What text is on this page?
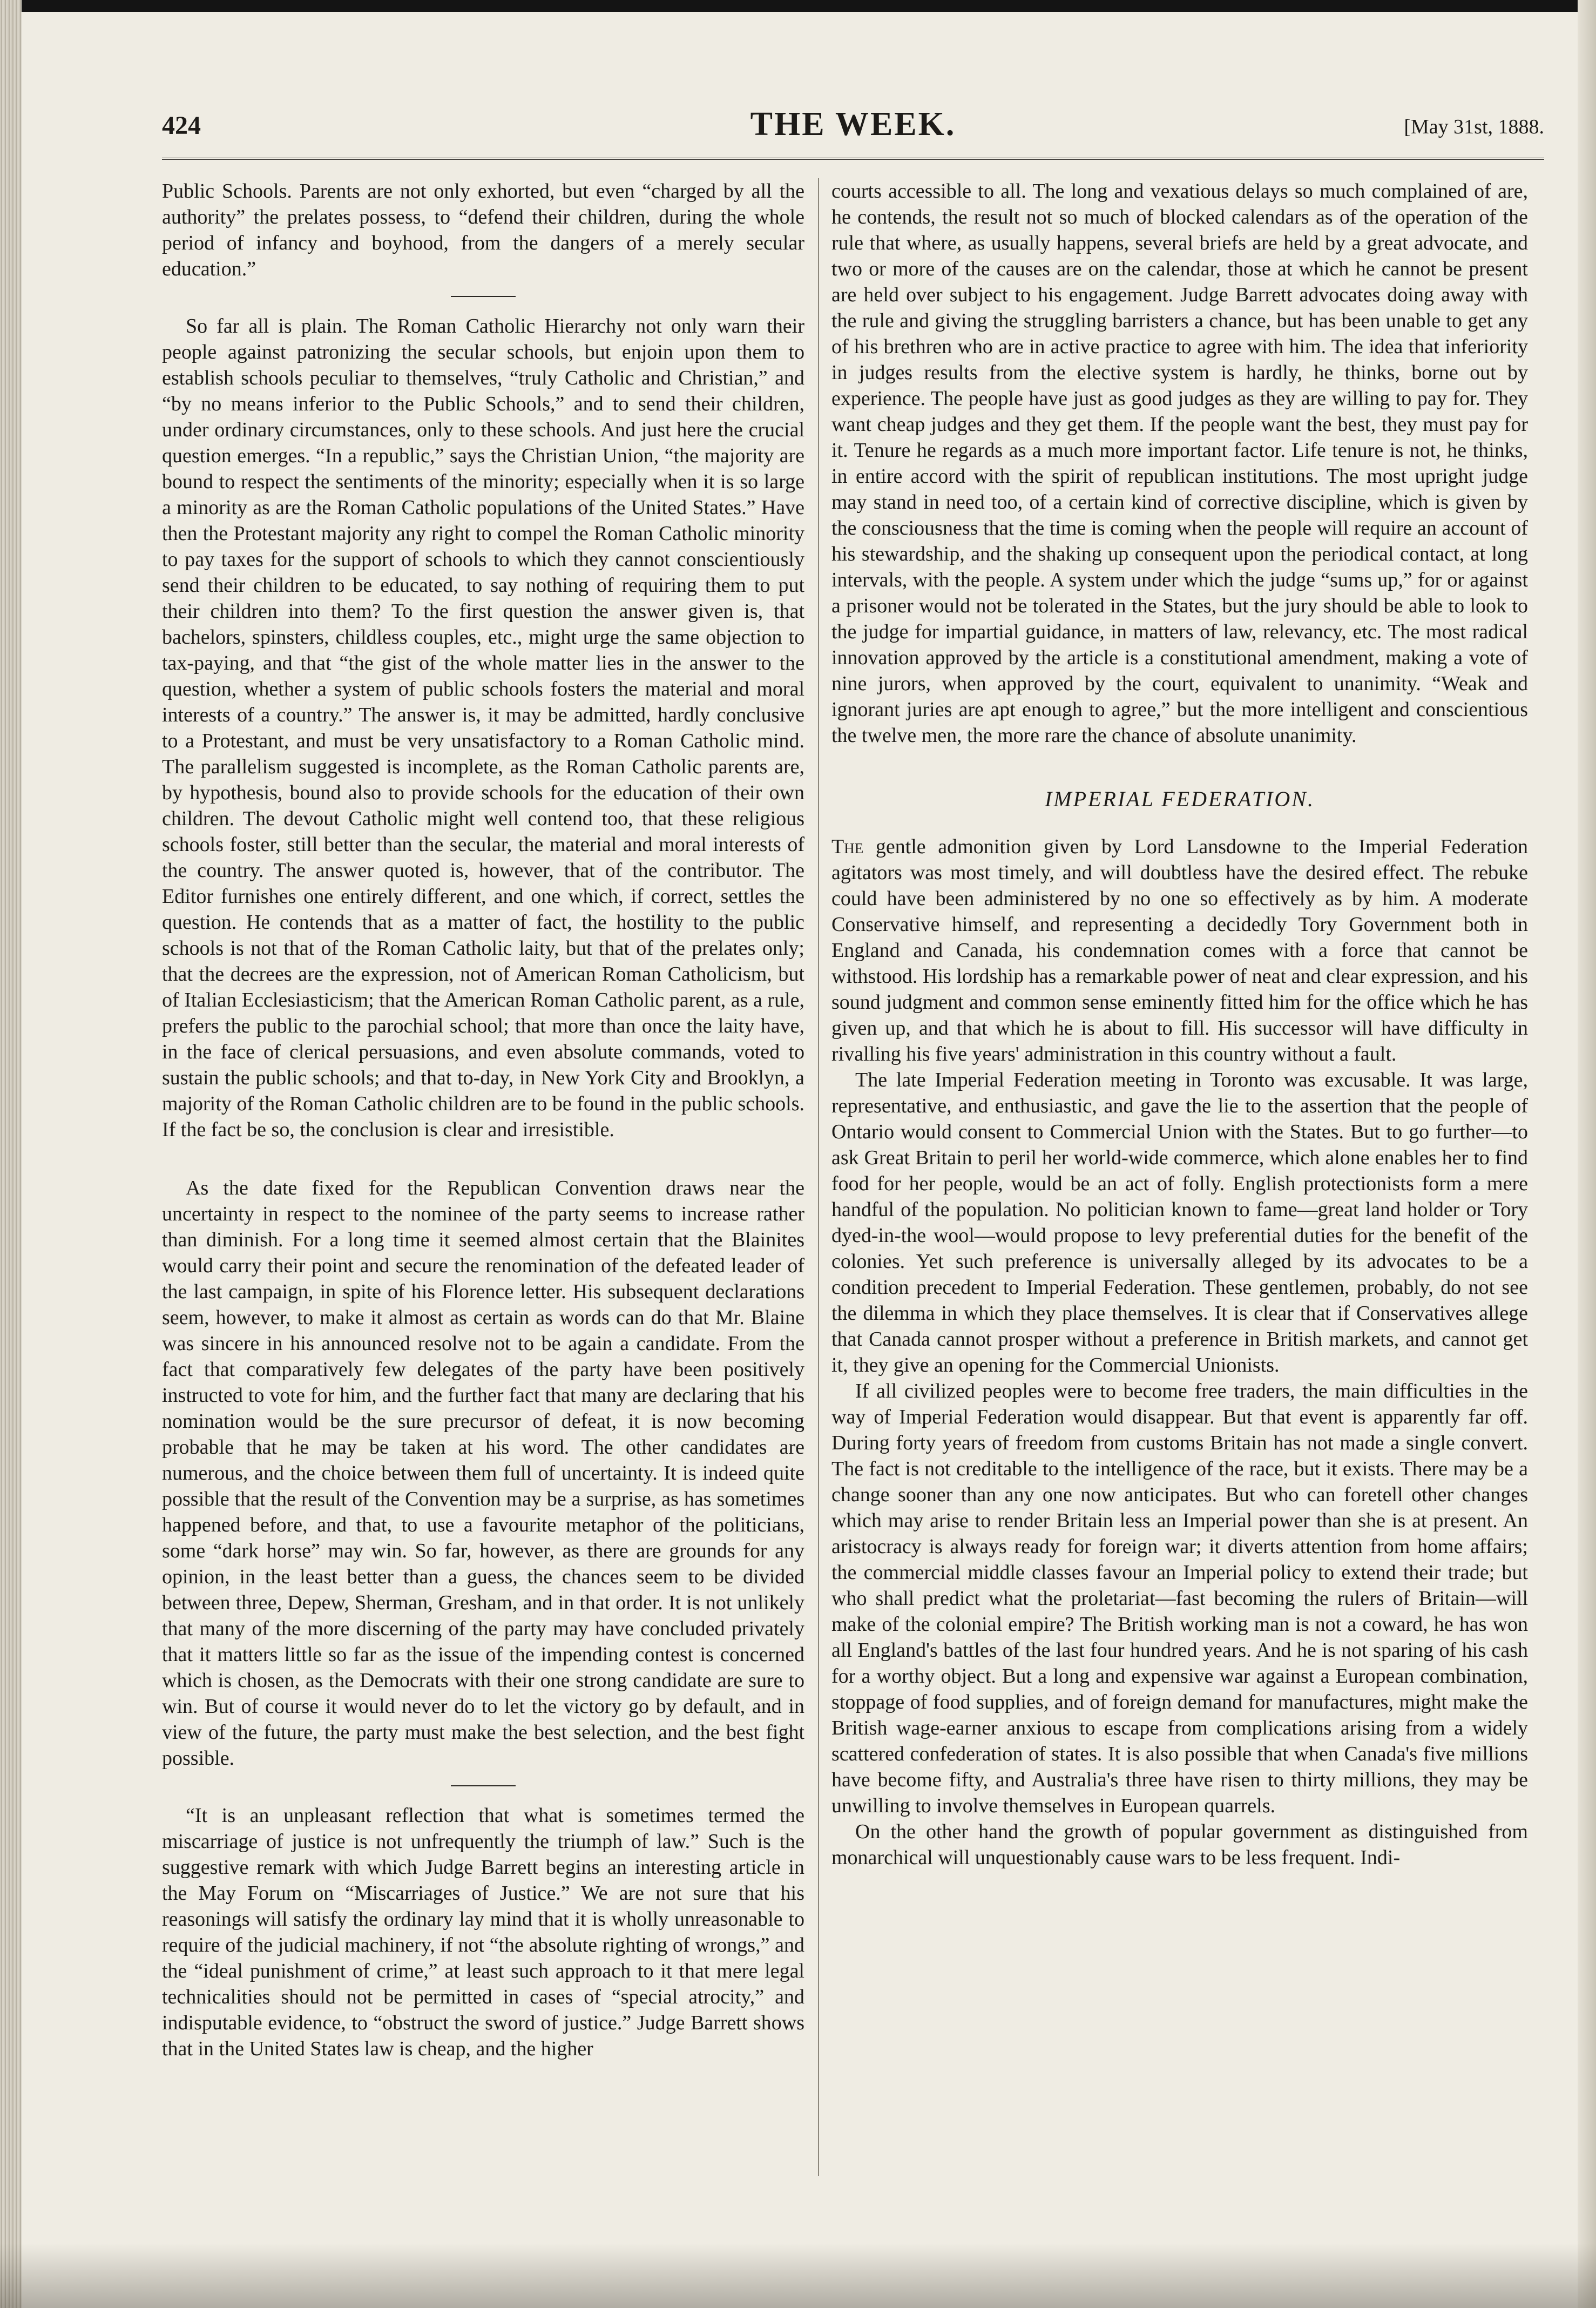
424	THE WEEK.	[May 31st, 1888.

Public Schools. Parents are not only exhorted, but even “charged by all the authority” the prelates possess, to “defend their children, during the whole period of infancy and boyhood, from the dangers of a merely secular education.”

So far all is plain. The Roman Catholic Hierarchy not only warn their people against patronizing the secular schools, but enjoin upon them to establish schools peculiar to themselves, “truly Catholic and Christian,” and “by no means inferior to the Public Schools,” and to send their children, under ordinary circumstances, only to these schools. And just here the crucial question emerges. “In a republic,” says the Christian Union, “the majority are bound to respect the sentiments of the minority; especially when it is so large a minority as are the Roman Catholic populations of the United States.” Have then the Protestant majority any right to compel the Roman Catholic minority to pay taxes for the support of schools to which they cannot conscientiously send their children to be educated, to say nothing of requiring them to put their children into them? To the first question the answer given is, that bachelors, spinsters, childless couples, etc., might urge the same objection to tax-paying, and that “the gist of the whole matter lies in the answer to the question, whether a system of public schools fosters the material and moral interests of a country.” The answer is, it may be admitted, hardly conclusive to a Protestant, and must be very unsatisfactory to a Roman Catholic mind. The parallelism suggested is incomplete, as the Roman Catholic parents are, by hypothesis, bound also to provide schools for the education of their own children. The devout Catholic might well contend too, that these religious schools foster, still better than the secular, the material and moral interests of the country. The answer quoted is, however, that of the contributor. The Editor furnishes one entirely different, and one which, if correct, settles the question. He contends that as a matter of fact, the hostility to the public schools is not that of the Roman Catholic laity, but that of the prelates only; that the decrees are the expression, not of American Roman Catholicism, but of Italian Ecclesiasticism; that the American Roman Catholic parent, as a rule, prefers the public to the parochial school; that more than once the laity have, in the face of clerical persuasions, and even absolute commands, voted to sustain the public schools; and that to-day, in New York City and Brooklyn, a majority of the Roman Catholic children are to be found in the public schools. If the fact be so, the conclusion is clear and irresistible.

As the date fixed for the Republican Convention draws near the uncertainty in respect to the nominee of the party seems to increase rather than diminish. For a long time it seemed almost certain that the Blainites would carry their point and secure the renomination of the defeated leader of the last campaign, in spite of his Florence letter. His subsequent declarations seem, however, to make it almost as certain as words can do that Mr. Blaine was sincere in his announced resolve not to be again a candidate. From the fact that comparatively few delegates of the party have been positively instructed to vote for him, and the further fact that many are declaring that his nomination would be the sure precursor of defeat, it is now becoming probable that he may be taken at his word. The other candidates are numerous, and the choice between them full of uncertainty. It is indeed quite possible that the result of the Convention may be a surprise, as has sometimes happened before, and that, to use a favourite metaphor of the politicians, some “dark horse” may win. So far, however, as there are grounds for any opinion, in the least better than a guess, the chances seem to be divided between three, Depew, Sherman, Gresham, and in that order. It is not unlikely that many of the more discerning of the party may have concluded privately that it matters little so far as the issue of the impending contest is concerned which is chosen, as the Democrats with their one strong candidate are sure to win. But of course it would never do to let the victory go by default, and in view of the future, the party must make the best selection, and the best fight possible.

“It is an unpleasant reflection that what is sometimes termed the miscarriage of justice is not unfrequently the triumph of law.” Such is the suggestive remark with which Judge Barrett begins an interesting article in the May Forum on “Miscarriages of Justice.” We are not sure that his reasonings will satisfy the ordinary lay mind that it is wholly unreasonable to require of the judicial machinery, if not “the absolute righting of wrongs,” and the “ideal punishment of crime,” at least such approach to it that mere legal technicalities should not be permitted in cases of “special atrocity,” and indisputable evidence, to “obstruct the sword of justice.” Judge Barrett shows that in the United States law is cheap, and the higher

courts accessible to all. The long and vexatious delays so much complained of are, he contends, the result not so much of blocked calendars as of the operation of the rule that where, as usually happens, several briefs are held by a great advocate, and two or more of the causes are on the calendar, those at which he cannot be present are held over subject to his engagement. Judge Barrett advocates doing away with the rule and giving the struggling barristers a chance, but has been unable to get any of his brethren who are in active practice to agree with him. The idea that inferiority in judges results from the elective system is hardly, he thinks, borne out by experience. The people have just as good judges as they are willing to pay for. They want cheap judges and they get them. If the people want the best, they must pay for it. Tenure he regards as a much more important factor. Life tenure is not, he thinks, in entire accord with the spirit of republican institutions. The most upright judge may stand in need too, of a certain kind of corrective discipline, which is given by the consciousness that the time is coming when the people will require an account of his stewardship, and the shaking up consequent upon the periodical contact, at long intervals, with the people. A system under which the judge “sums up,” for or against a prisoner would not be tolerated in the States, but the jury should be able to look to the judge for impartial guidance, in matters of law, relevancy, etc. The most radical innovation approved by the article is a constitutional amendment, making a vote of nine jurors, when approved by the court, equivalent to unanimity. “Weak and ignorant juries are apt enough to agree,” but the more intelligent and conscientious the twelve men, the more rare the chance of absolute unanimity.

IMPERIAL FEDERATION.

The gentle admonition given by Lord Lansdowne to the Imperial Federation agitators was most timely, and will doubtless have the desired effect. The rebuke could have been administered by no one so effectively as by him. A moderate Conservative himself, and representing a decidedly Tory Government both in England and Canada, his condemnation comes with a force that cannot be withstood. His lordship has a remarkable power of neat and clear expression, and his sound judgment and common sense eminently fitted him for the office which he has given up, and that which he is about to fill. His successor will have difficulty in rivalling his five years' administration in this country without a fault.

The late Imperial Federation meeting in Toronto was excusable. It was large, representative, and enthusiastic, and gave the lie to the assertion that the people of Ontario would consent to Commercial Union with the States. But to go further—to ask Great Britain to peril her world-wide commerce, which alone enables her to find food for her people, would be an act of folly. English protectionists form a mere handful of the population. No politician known to fame—great land holder or Tory dyed-in-the wool—would propose to levy preferential duties for the benefit of the colonies. Yet such preference is universally alleged by its advocates to be a condition precedent to Imperial Federation. These gentlemen, probably, do not see the dilemma in which they place themselves. It is clear that if Conservatives allege that Canada cannot prosper without a preference in British markets, and cannot get it, they give an opening for the Commercial Unionists.

If all civilized peoples were to become free traders, the main difficulties in the way of Imperial Federation would disappear. But that event is apparently far off. During forty years of freedom from customs Britain has not made a single convert. The fact is not creditable to the intelligence of the race, but it exists. There may be a change sooner than any one now anticipates. But who can foretell other changes which may arise to render Britain less an Imperial power than she is at present. An aristocracy is always ready for foreign war; it diverts attention from home affairs; the commercial middle classes favour an Imperial policy to extend their trade; but who shall predict what the proletariat—fast becoming the rulers of Britain—will make of the colonial empire? The British working man is not a coward, he has won all England's battles of the last four hundred years. And he is not sparing of his cash for a worthy object. But a long and expensive war against a European combination, stoppage of food supplies, and of foreign demand for manufactures, might make the British wage-earner anxious to escape from complications arising from a widely scattered confederation of states. It is also possible that when Canada's five millions have become fifty, and Australia's three have risen to thirty millions, they may be unwilling to involve themselves in European quarrels.

On the other hand the growth of popular government as distinguished from monarchical will unquestionably cause wars to be less frequent. Indi-
